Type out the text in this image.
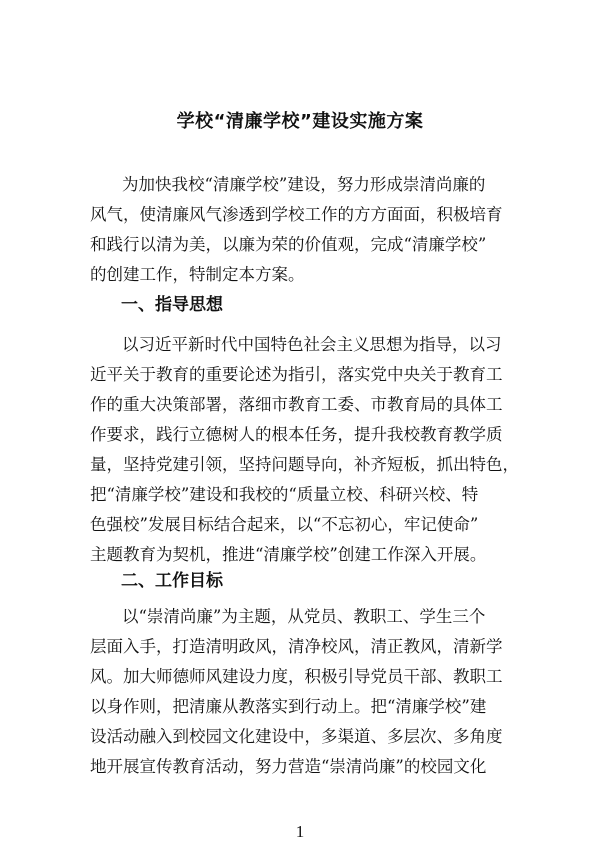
学校“清廉学校”建设实施方案
为加快我校“清廉学校”建设，努力形成崇清尚廉的
风气，使清廉风气渗透到学校工作的方方面面，积极培育
和践行以清为美，以廉为荣的价值观，完成“清廉学校”
的创建工作，特制定本方案。
一、指导思想
以习近平新时代中国特色社会主义思想为指导，以习
近平关于教育的重要论述为指引，落实党中央关于教育工
作的重大决策部署，落细市教育工委、市教育局的具体工
作要求，践行立德树人的根本任务，提升我校教育教学质
量，坚持党建引领，坚持问题导向，补齐短板，抓出特色，
把“清廉学校”建设和我校的“质量立校、科研兴校、特
色强校”发展目标结合起来，以“不忘初心，牢记使命”
主题教育为契机，推进“清廉学校”创建工作深入开展。
二、工作目标
以“崇清尚廉”为主题，从党员、教职工、学生三个
层面入手，打造清明政风，清净校风，清正教风，清新学
风。加大师德师风建设力度，积极引导党员干部、教职工
以身作则，把清廉从教落实到行动上。把“清廉学校”建
设活动融入到校园文化建设中，多渠道、多层次、多角度
地开展宣传教育活动，努力营造“崇清尚廉”的校园文化
1
